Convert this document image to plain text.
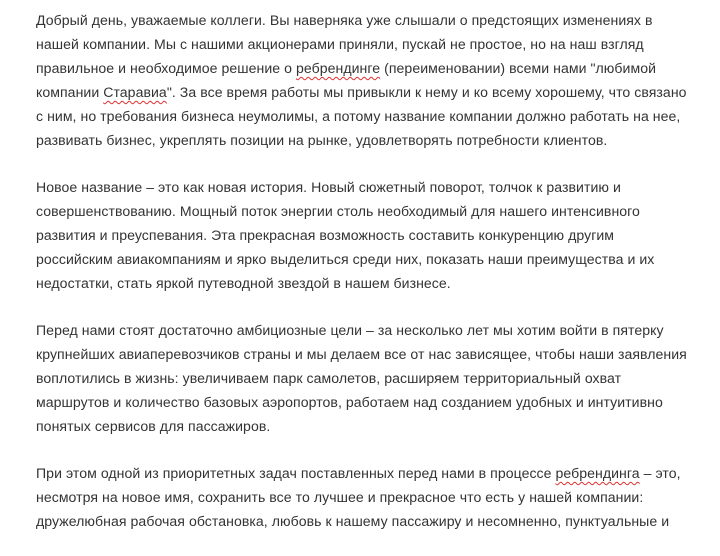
Добрый день, уважаемые коллеги. Вы наверняка уже слышали о предстоящих изменениях в
нашей компании. Мы с нашими акционерами приняли, пускай не простое, но на наш взгляд
правильное и необходимое решение о ребрендинге (переименовании) всеми нами "любимой
компании Старавиа". За все время работы мы привыкли к нему и ко всему хорошему, что связано
с ним, но требования бизнеса неумолимы, а потому название компании должно работать на нее,
развивать бизнес, укреплять позиции на рынке, удовлетворять потребности клиентов.

Новое название – это как новая история. Новый сюжетный поворот, толчок к развитию и
совершенствованию. Мощный поток энергии столь необходимый для нашего интенсивного
развития и преуспевания. Эта прекрасная возможность составить конкуренцию другим
российским авиакомпаниям и ярко выделиться среди них, показать наши преимущества и их
недостатки, стать яркой путеводной звездой в нашем бизнесе.

Перед нами стоят достаточно амбициозные цели – за несколько лет мы хотим войти в пятерку
крупнейших авиаперевозчиков страны и мы делаем все от нас зависящее, чтобы наши заявления
воплотились в жизнь: увеличиваем парк самолетов, расширяем территориальный охват
маршрутов и количество базовых аэропортов, работаем над созданием удобных и интуитивно
понятых сервисов для пассажиров.

При этом одной из приоритетных задач поставленных перед нами в процессе ребрендинга – это,
несмотря на новое имя, сохранить все то лучшее и прекрасное что есть у нашей компании:
дружелюбная рабочая обстановка, любовь к нашему пассажиру и несомненно, пунктуальные и
